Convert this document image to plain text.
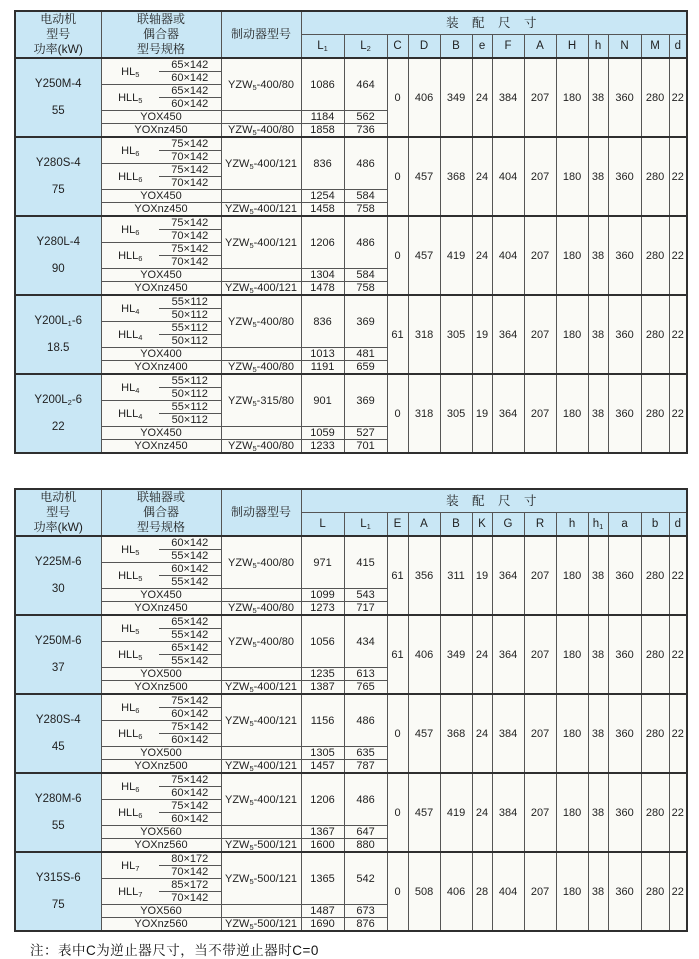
电动机
型号
功率(kW)	联轴器或
偶合器
型号规格		制动器型号	装 配 尺 寸												
				$L_1$	$L_2$	C	D	B	e	F	A	H	h	N	M	d

Y250M-4
55	$HL_5$	65×142	$YZW_5-400/80$	1086	464	0	406	349	24	384	207	180	38	360	280	22
		60×142														
	$HLL_5$	65×142														
		60×142														
	YOX450			1184	562											
	YOXnz450		$YZW_5-400/80$	1858	736											

Y280S-4
75	$HL_6$	75×142	$YZW_5-400/121$	836	486	0	457	368	24	404	207	180	38	360	280	22
		70×142														
	$HLL_6$	75×142														
		70×142														
	YOX450			1254	584											
	YOXnz450		$YZW_5-400/121$	1458	758											

Y280L-4
90	$HL_6$	75×142	$YZW_5-400/121$	1206	486	0	457	419	24	404	207	180	38	360	280	22
		70×142														
	$HLL_6$	75×142														
		70×142														
	YOX450			1304	584											
	YOXnz450		$YZW_5-400/121$	1478	758											

$Y200L_1-6$
18.5	$HL_4$	55×112	$YZW_5-400/80$	836	369	61	318	305	19	364	207	180	38	360	280	22
		50×112														
	$HLL_4$	55×112														
		50×112														
	YOX400			1013	481											
	YOXnz400		$YZW_5-400/80$	1191	659											

$Y200L_2-6$
22	$HL_4$	55×112	$YZW_5-315/80$	901	369	0	318	305	19	364	207	180	38	360	280	22
		50×112														
	$HLL_4$	55×112														
		50×112														
	YOX450			1059	527											
	YOXnz450		$YZW_5-400/80$	1233	701											
电动机
型号
功率(kW)	联轴器或
偶合器
型号规格		制动器型号	装 配 尺 寸												
				L	$L_1$	E	A	B	K	G	R	h	$h_1$	a	b	d

Y225M-6
30	$HL_5$	60×142	$YZW_5-400/80$	971	415	61	356	311	19	364	207	180	38	360	280	22
		55×142														
	$HLL_5$	60×142														
		55×142														
	YOX450			1099	543											
	YOXnz450		$YZW_5-400/80$	1273	717											

Y250M-6
37	$HL_5$	65×142	$YZW_5-400/80$	1056	434	61	406	349	24	364	207	180	38	360	280	22
		55×142														
	$HLL_5$	65×142														
		55×142														
	YOX500			1235	613											
	YOXnz500		$YZW_5-400/121$	1387	765											

Y280S-4
45	$HL_6$	75×142	$YZW_5-400/121$	1156	486	0	457	368	24	384	207	180	38	360	280	22
		60×142														
	$HLL_6$	75×142														
		60×142														
	YOX500			1305	635											
	YOXnz500		$YZW_5-400/121$	1457	787											

Y280M-6
55	$HL_6$	75×142	$YZW_5-400/121$	1206	486	0	457	419	24	384	207	180	38	360	280	22
		60×142														
	$HLL_6$	75×142														
		60×142														
	YOX560			1367	647											
	YOXnz560		$YZW_5-500/121$	1600	880											

Y315S-6
75	$HL_7$	80×172	$YZW_5-500/121$	1365	542	0	508	406	28	404	207	180	38	360	280	22
		70×142														
	$HLL_7$	85×172														
		70×142														
	YOX560			1487	673											
	YOXnz560		$YZW_5-500/121$	1690	876											
注：表中C为逆止器尺寸，当不带逆止器时C=0
